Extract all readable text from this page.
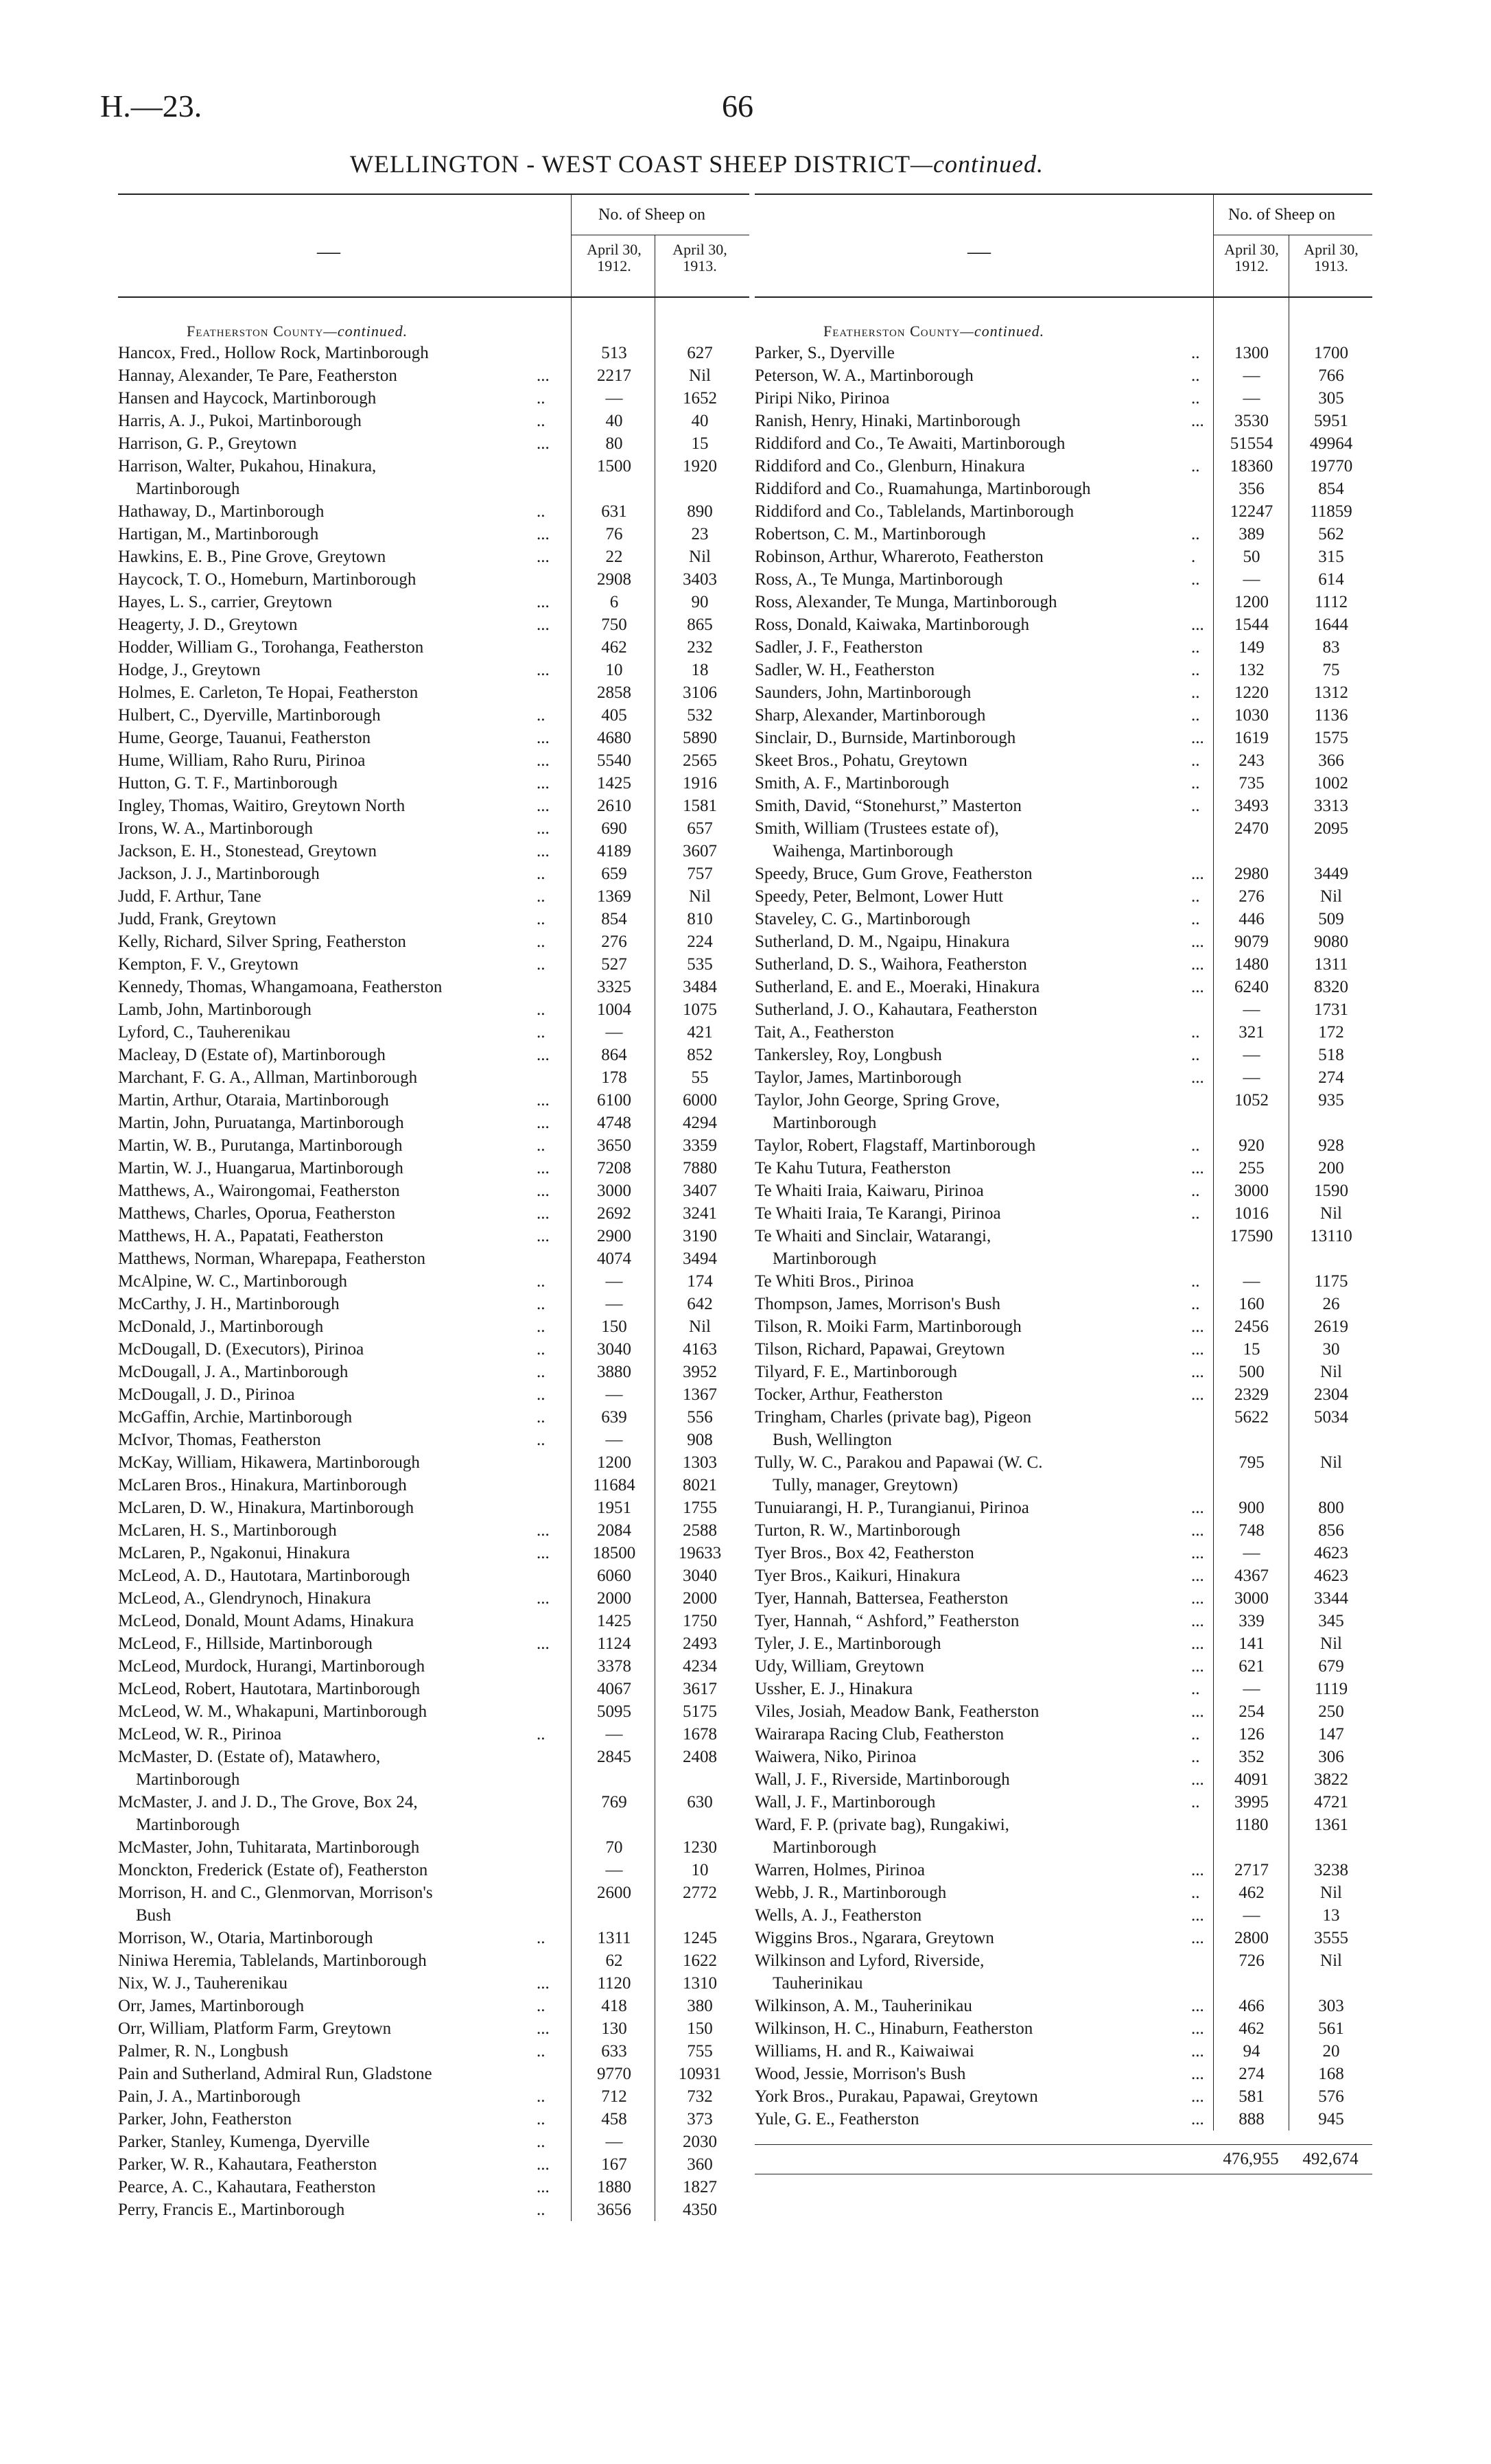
H.—23.	66
WELLINGTON - WEST COAST SHEEP DISTRICT—continued.
—
No. of Sheep on
April 30, 1912.
April 30, 1913.
Featherston County—continued.
Hancox, Fred., Hollow Rock, Martinborough	513	627
Hannay, Alexander, Te Pare, Featherston	...	2217	Nil
Hansen and Haycock, Martinborough	..	—	1652
Harris, A. J., Pukoi, Martinborough	..	40	40
Harrison, G. P., Greytown	...	80	15
Harrison, Walter, Pukahou, Hinakura,
Martinborough
1500	1920
Hathaway, D., Martinborough	..	631	890
Hartigan, M., Martinborough	...	76	23
Hawkins, E. B., Pine Grove, Greytown	...	22	Nil
Haycock, T. O., Homeburn, Martinborough	2908	3403
Hayes, L. S., carrier, Greytown	...	6	90
Heagerty, J. D., Greytown	...	750	865
Hodder, William G., Torohanga, Featherston	462	232
Hodge, J., Greytown	...	10	18
Holmes, E. Carleton, Te Hopai, Featherston	2858	3106
Hulbert, C., Dyerville, Martinborough	..	405	532
Hume, George, Tauanui, Featherston	...	4680	5890
Hume, William, Raho Ruru, Pirinoa	...	5540	2565
Hutton, G. T. F., Martinborough	...	1425	1916
Ingley, Thomas, Waitiro, Greytown North	...	2610	1581
Irons, W. A., Martinborough	...	690	657
Jackson, E. H., Stonestead, Greytown	...	4189	3607
Jackson, J. J., Martinborough	..	659	757
Judd, F. Arthur, Tane	..	1369	Nil
Judd, Frank, Greytown	..	854	810
Kelly, Richard, Silver Spring, Featherston	..	276	224
Kempton, F. V., Greytown	..	527	535
Kennedy, Thomas, Whangamoana, Featherston	3325	3484
Lamb, John, Martinborough	..	1004	1075
Lyford, C., Tauherenikau	..	—	421
Macleay, D (Estate of), Martinborough	...	864	852
Marchant, F. G. A., Allman, Martinborough	178	55
Martin, Arthur, Otaraia, Martinborough	...	6100	6000
Martin, John, Puruatanga, Martinborough	...	4748	4294
Martin, W. B., Purutanga, Martinborough	..	3650	3359
Martin, W. J., Huangarua, Martinborough	...	7208	7880
Matthews, A., Wairongomai, Featherston	...	3000	3407
Matthews, Charles, Oporua, Featherston	...	2692	3241
Matthews, H. A., Papatati, Featherston	...	2900	3190
Matthews, Norman, Wharepapa, Featherston	4074	3494
McAlpine, W. C., Martinborough	..	—	174
McCarthy, J. H., Martinborough	..	—	642
McDonald, J., Martinborough	..	150	Nil
McDougall, D. (Executors), Pirinoa	..	3040	4163
McDougall, J. A., Martinborough	..	3880	3952
McDougall, J. D., Pirinoa	..	—	1367
McGaffin, Archie, Martinborough	..	639	556
McIvor, Thomas, Featherston	..	—	908
McKay, William, Hikawera, Martinborough	1200	1303
McLaren Bros., Hinakura, Martinborough	11684	8021
McLaren, D. W., Hinakura, Martinborough	1951	1755
McLaren, H. S., Martinborough	...	2084	2588
McLaren, P., Ngakonui, Hinakura	...	18500	19633
McLeod, A. D., Hautotara, Martinborough	6060	3040
McLeod, A., Glendrynoch, Hinakura	...	2000	2000
McLeod, Donald, Mount Adams, Hinakura	1425	1750
McLeod, F., Hillside, Martinborough	...	1124	2493
McLeod, Murdock, Hurangi, Martinborough	3378	4234
McLeod, Robert, Hautotara, Martinborough	4067	3617
McLeod, W. M., Whakapuni, Martinborough	5095	5175
McLeod, W. R., Pirinoa	..	—	1678
McMaster, D. (Estate of), Matawhero,
Martinborough
2845	2408
McMaster, J. and J. D., The Grove, Box 24,
Martinborough
769	630
McMaster, John, Tuhitarata, Martinborough	70	1230
Monckton, Frederick (Estate of), Featherston	—	10
Morrison, H. and C., Glenmorvan, Morrison's
Bush
2600	2772
Morrison, W., Otaria, Martinborough	..	1311	1245
Niniwa Heremia, Tablelands, Martinborough	62	1622
Nix, W. J., Tauherenikau	...	1120	1310
Orr, James, Martinborough	..	418	380
Orr, William, Platform Farm, Greytown	...	130	150
Palmer, R. N., Longbush	..	633	755
Pain and Sutherland, Admiral Run, Gladstone	9770	10931
Pain, J. A., Martinborough	..	712	732
Parker, John, Featherston	..	458	373
Parker, Stanley, Kumenga, Dyerville	..	—	2030
Parker, W. R., Kahautara, Featherston	...	167	360
Pearce, A. C., Kahautara, Featherston	...	1880	1827
Perry, Francis E., Martinborough	..	3656	4350
—
No. of Sheep on
April 30, 1912.
April 30, 1913.
Featherston County—continued.
Parker, S., Dyerville	..	1300	1700
Peterson, W. A., Martinborough	..	—	766
Piripi Niko, Pirinoa	..	—	305
Ranish, Henry, Hinaki, Martinborough	...	3530	5951
Riddiford and Co., Te Awaiti, Martinborough	51554	49964
Riddiford and Co., Glenburn, Hinakura	..	18360	19770
Riddiford and Co., Ruamahunga, Martinborough	356	854
Riddiford and Co., Tablelands, Martinborough	12247	11859
Robertson, C. M., Martinborough	..	389	562
Robinson, Arthur, Whareroto, Featherston	.	50	315
Ross, A., Te Munga, Martinborough	..	—	614
Ross, Alexander, Te Munga, Martinborough	1200	1112
Ross, Donald, Kaiwaka, Martinborough	...	1544	1644
Sadler, J. F., Featherston	..	149	83
Sadler, W. H., Featherston	..	132	75
Saunders, John, Martinborough	..	1220	1312
Sharp, Alexander, Martinborough	..	1030	1136
Sinclair, D., Burnside, Martinborough	...	1619	1575
Skeet Bros., Pohatu, Greytown	..	243	366
Smith, A. F., Martinborough	..	735	1002
Smith, David, “Stonehurst,” Masterton	..	3493	3313
Smith, William (Trustees estate of),
Waihenga, Martinborough
2470	2095
Speedy, Bruce, Gum Grove, Featherston	...	2980	3449
Speedy, Peter, Belmont, Lower Hutt	..	276	Nil
Staveley, C. G., Martinborough	..	446	509
Sutherland, D. M., Ngaipu, Hinakura	...	9079	9080
Sutherland, D. S., Waihora, Featherston	...	1480	1311
Sutherland, E. and E., Moeraki, Hinakura	...	6240	8320
Sutherland, J. O., Kahautara, Featherston	—	1731
Tait, A., Featherston	..	321	172
Tankersley, Roy, Longbush	..	—	518
Taylor, James, Martinborough	...	—	274
Taylor, John George, Spring Grove,
Martinborough
1052	935
Taylor, Robert, Flagstaff, Martinborough	..	920	928
Te Kahu Tutura, Featherston	...	255	200
Te Whaiti Iraia, Kaiwaru, Pirinoa	..	3000	1590
Te Whaiti Iraia, Te Karangi, Pirinoa	..	1016	Nil
Te Whaiti and Sinclair, Watarangi,
Martinborough
17590	13110
Te Whiti Bros., Pirinoa	..	—	1175
Thompson, James, Morrison's Bush	..	160	26
Tilson, R. Moiki Farm, Martinborough	...	2456	2619
Tilson, Richard, Papawai, Greytown	...	15	30
Tilyard, F. E., Martinborough	...	500	Nil
Tocker, Arthur, Featherston	...	2329	2304
Tringham, Charles (private bag), Pigeon
Bush, Wellington
5622	5034
Tully, W. C., Parakou and Papawai (W. C.
Tully, manager, Greytown)
795	Nil
Tunuiarangi, H. P., Turangianui, Pirinoa	...	900	800
Turton, R. W., Martinborough	...	748	856
Tyer Bros., Box 42, Featherston	...	—	4623
Tyer Bros., Kaikuri, Hinakura	...	4367	4623
Tyer, Hannah, Battersea, Featherston	...	3000	3344
Tyer, Hannah, “ Ashford,” Featherston	...	339	345
Tyler, J. E., Martinborough	...	141	Nil
Udy, William, Greytown	...	621	679
Ussher, E. J., Hinakura	..	—	1119
Viles, Josiah, Meadow Bank, Featherston	...	254	250
Wairarapa Racing Club, Featherston	..	126	147
Waiwera, Niko, Pirinoa	..	352	306
Wall, J. F., Riverside, Martinborough	...	4091	3822
Wall, J. F., Martinborough	..	3995	4721
Ward, F. P. (private bag), Rungakiwi,
Martinborough
1180	1361
Warren, Holmes, Pirinoa	...	2717	3238
Webb, J. R., Martinborough	..	462	Nil
Wells, A. J., Featherston	...	—	13
Wiggins Bros., Ngarara, Greytown	...	2800	3555
Wilkinson and Lyford, Riverside,
Tauherinikau
726	Nil
Wilkinson, A. M., Tauherinikau	...	466	303
Wilkinson, H. C., Hinaburn, Featherston	...	462	561
Williams, H. and R., Kaiwaiwai	...	94	20
Wood, Jessie, Morrison's Bush	...	274	168
York Bros., Purakau, Papawai, Greytown	...	581	576
Yule, G. E., Featherston	...	888	945
476,955	492,674
